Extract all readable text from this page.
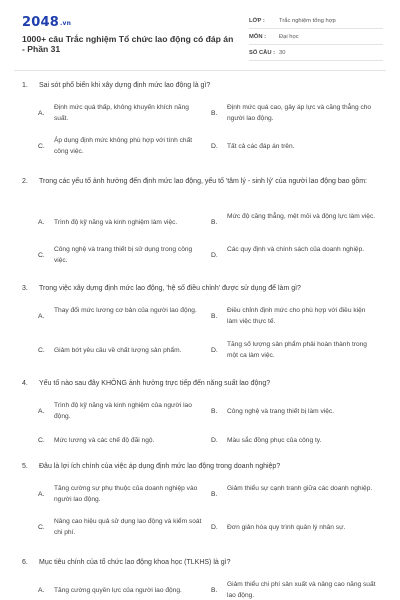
2048.vn
1000+ câu Trắc nghiệm Tổ chức lao động có đáp án - Phần 31
LỚP :	Trắc nghiệm tổng hợp
MÔN :	Đại học
SỐ CÂU : 30
1. Sai sót phổ biến khi xây dựng định mức lao động là gì?
A.
Định mức quá thấp, không khuyến khích năng suất.
B.
Định mức quá cao, gây áp lực và căng thẳng cho người lao động.
C.
Áp dụng định mức không phù hợp với tính chất công việc.
D. Tất cả các đáp án trên.
2. Trong các yếu tố ảnh hưởng đến định mức lao động, yếu tố 'tâm lý - sinh lý' của người lao động bao gồm:
A. Trình độ kỹ năng và kinh nghiệm làm việc.	B.
Mức độ căng thẳng, mệt mỏi và động lực làm việc.
C.
Công nghệ và trang thiết bị sử dụng trong công việc.
D.
Các quy định và chính sách của doanh nghiệp.
3. Trong việc xây dựng định mức lao động, 'hệ số điều chỉnh' được sử dụng để làm gì?
A.
Thay đổi mức lương cơ bản của người lao động.
B.
Điều chỉnh định mức cho phù hợp với điều kiện làm việc thực tế.
C. Giảm bớt yêu cầu về chất lượng sản phẩm.	D.
Tăng số lượng sản phẩm phải hoàn thành trong một ca làm việc.
4. Yếu tố nào sau đây KHÔNG ảnh hưởng trực tiếp đến năng suất lao động?
A.
Trình độ kỹ năng và kinh nghiệm của người lao động.
B. Công nghệ và trang thiết bị làm việc.
C. Mức lương và các chế độ đãi ngộ.	D. Màu sắc đồng phục của công ty.
5. Đâu là lợi ích chính của việc áp dụng định mức lao động trong doanh nghiệp?
A.
Tăng cường sự phụ thuộc của doanh nghiệp vào người lao động.
B.
Giảm thiểu sự cạnh tranh giữa các doanh nghiệp.
C.
Nâng cao hiệu quả sử dụng lao động và kiểm soát chi phí.
D. Đơn giản hóa quy trình quản lý nhân sự.
6. Mục tiêu chính của tổ chức lao động khoa học (TLKHS) là gì?
A. Tăng cường quyền lực của người lao động.	B.
Giảm thiểu chi phí sản xuất và nâng cao năng suất lao động.
